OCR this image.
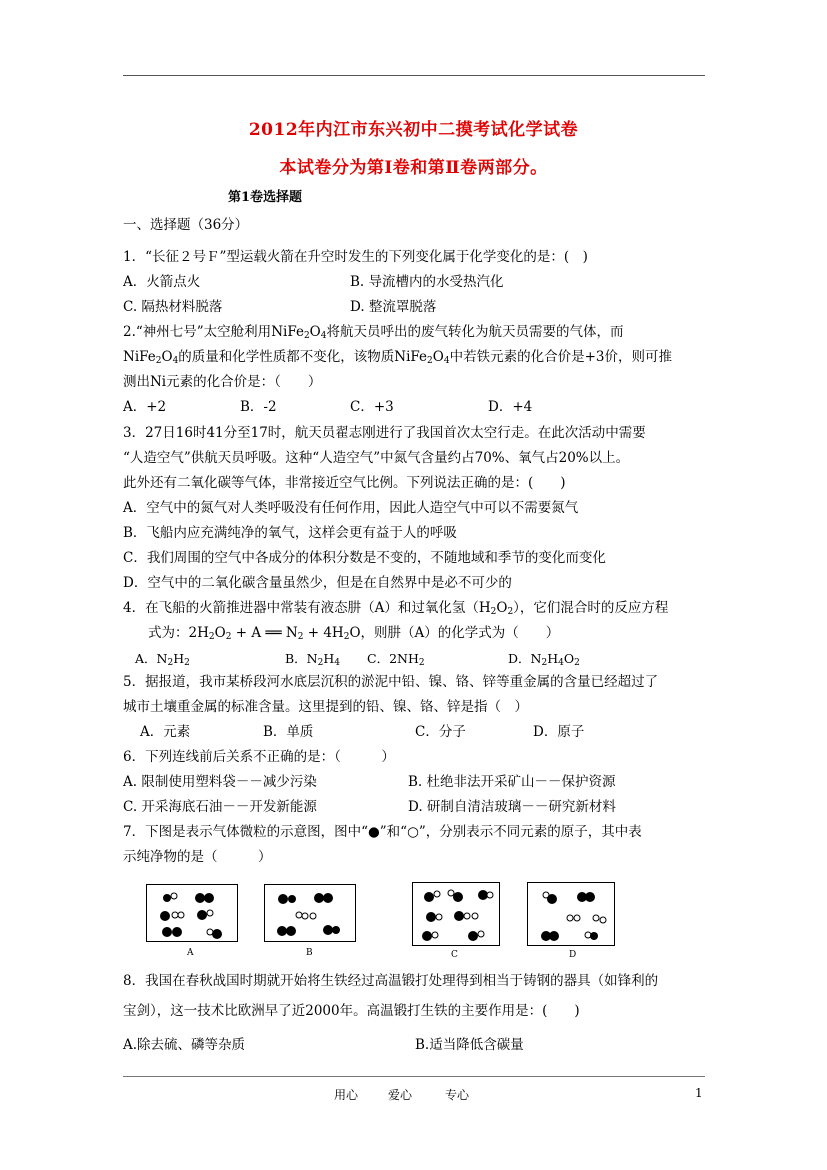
2012年内江市东兴初中二摸考试化学试卷
本试卷分为第Ⅰ卷和第Ⅱ卷两部分。
第1卷选择题
一、选择题（36分）
1．“长征２号Ｆ”型运载火箭在升空时发生的下列变化属于化学变化的是：(　)
A．火箭点火	B. 导流槽内的水受热汽化
C. 隔热材料脱落	D. 整流罩脱落
2.“神州七号”太空舱利用$NiFe_2O_4$将航天员呼出的废气转化为航天员需要的气体，而
$NiFe_2O_4$的质量和化学性质都不变化，该物质$NiFe_2O_4$中若铁元素的化合价是+3价，则可推
测出Ni元素的化合价是：（　　）
A．+2	B．-2	C．+3	D．+4
3．27日16时41分至17时，航天员翟志刚进行了我国首次太空行走。在此次活动中需要
“人造空气”供航天员呼吸。这种“人造空气”中氮气含量约占70%、氧气占20%以上。
此外还有二氧化碳等气体，非常接近空气比例。下列说法正确的是：(　　)
A．空气中的氮气对人类呼吸没有任何作用，因此人造空气中可以不需要氮气
B．飞船内应充满纯净的氧气，这样会更有益于人的呼吸
C．我们周围的空气中各成分的体积分数是不变的，不随地域和季节的变化而变化
D．空气中的二氧化碳含量虽然少，但是在自然界中是必不可少的
4．在飞船的火箭推进器中常装有液态肼（A）和过氧化氢$(H_2O_2)$，它们混合时的反应方程
式为：$2H_2O_2 + A$ ══ $N_2 + 4H_2O$，则肼（A）的化学式为（　　）
A．$N_2H_2$	B．$N_2H_4$ C．$2NH_2$	D．$N_2H_4O_2$
5．据报道，我市某桥段河水底层沉积的淤泥中铅、镍、铬、锌等重金属的含量已经超过了
城市土壤重金属的标准含量。这里提到的铅、镍、铬、锌是指（　）
A．元素	B．单质	C．分子	D．原子
6．下列连线前后关系不正确的是：（　　　）
A. 限制使用塑料袋－－减少污染	B. 杜绝非法开采矿山－－保护资源
C. 开采海底石油－－开发新能源	D. 研制自清洁玻璃－－研究新材料
7．下图是表示气体微粒的示意图，图中“●”和“○”，分别表示不同元素的原子，其中表
示纯净物的是（　　　）
A	B	C	D
8．我国在春秋战国时期就开始将生铁经过高温锻打处理得到相当于铸钢的器具（如锋利的
宝剑），这一技术比欧洲早了近2000年。高温锻打生铁的主要作用是：(　　)
A.除去硫、磷等杂质	B.适当降低含碳量
用心 爱心	专心	1
